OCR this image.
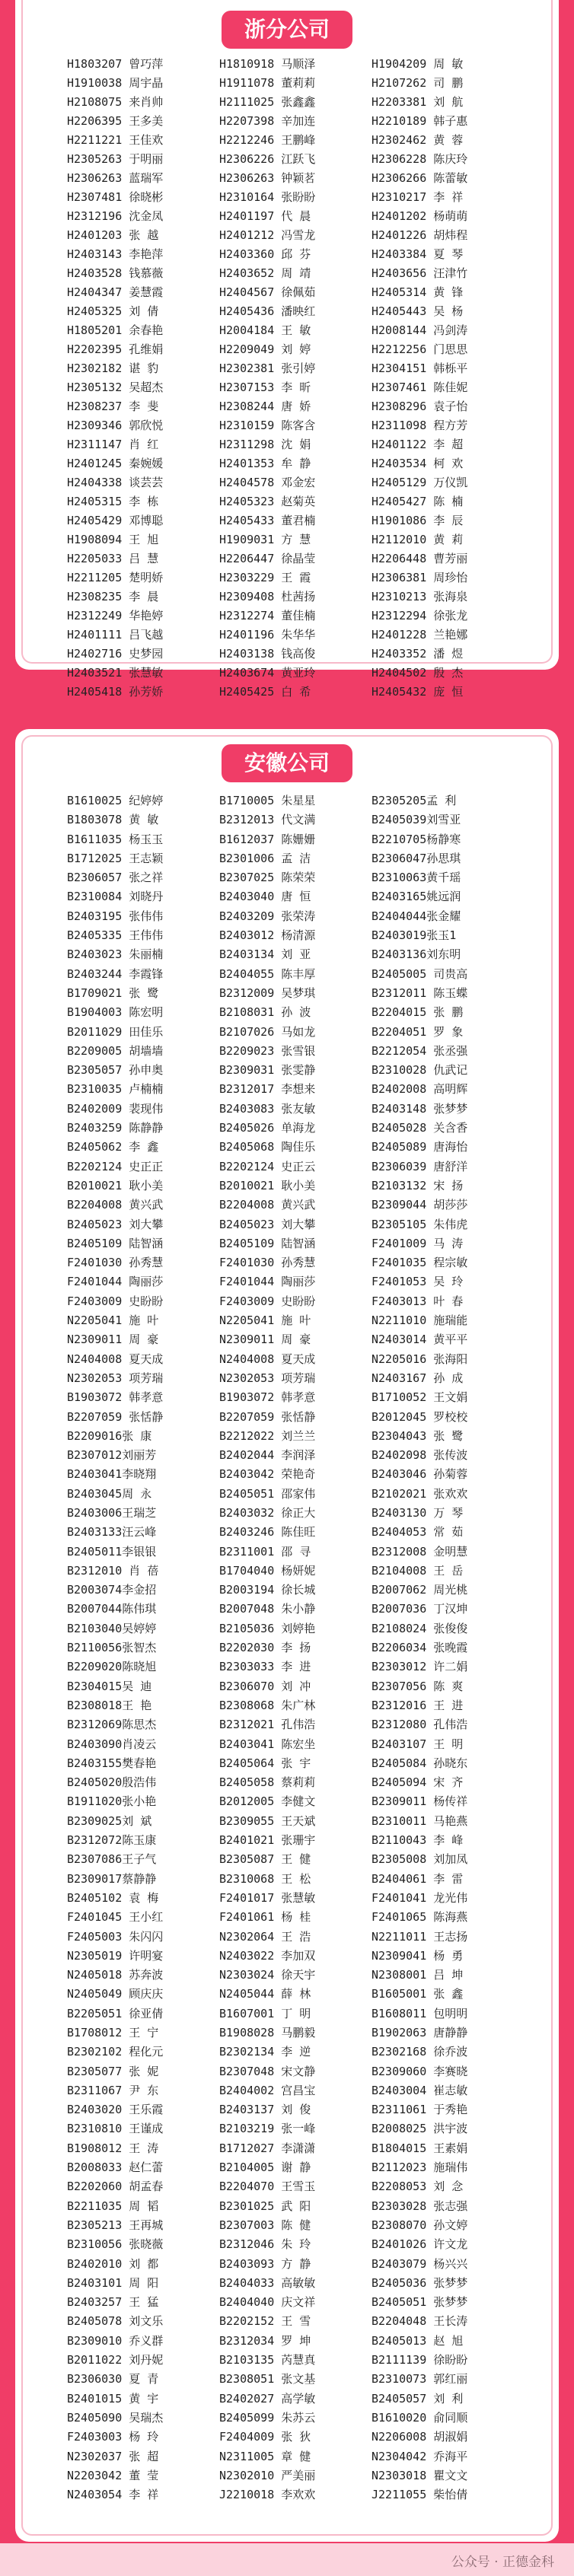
浙分公司
H1803207 曾巧萍	H1810918 马顺泽	H1904209 周 敏
H1910038 周宇晶	H1911078 董莉莉	H2107262 司 鹏
H2108075 来肖帅	H2111025 张鑫鑫	H2203381 刘 航
H2206395 王多美	H2207398 辛加连	H2210189 韩子惠
H2211221 王佳欢	H2212246 王鹏峰	H2302462 黄 蓉
H2305263 于明丽	H2306226 江跃飞	H2306228 陈庆玲
H2306263 蓝瑞军	H2306263 钟颖茗	H2306266 陈蕾敏
H2307481 徐晓彬	H2310164 张盼盼	H2310217 李 祥
H2312196 沈金凤	H2401197 代 晨	H2401202 杨萌萌
H2401203 张 越	H2401212 冯雪龙	H2401226 胡炜程
H2403143 李艳萍	H2403360 邱 芬	H2403384 夏 琴
H2403528 钱慕薇	H2403652 周 靖	H2403656 汪津竹
H2404347 姜慧霞	H2404567 徐佩茹	H2405314 黄 锋
H2405325 刘 倩	H2405436 潘映红	H2405443 吴 杨
H1805201 余春艳	H2004184 王 敏	H2008144 冯剑涛
H2202395 孔维娟	H2209049 刘 婷	H2212256 门思思
H2302182 谌 豹	H2302381 张引婷	H2304151 韩栎平
H2305132 吴超杰	H2307153 李 昕	H2307461 陈佳妮
H2308237 李 斐	H2308244 唐 娇	H2308296 袁子怡
H2309346 郭欣悦	H2310159 陈客含	H2311098 程方芳
H2311147 肖 红	H2311298 沈 娟	H2401122 李 超
H2401245 秦婉媛	H2401353 牟 静	H2403534 柯 欢
H2404338 谈芸芸	H2404578 邓金宏	H2405129 万仪凯
H2405315 李 栋	H2405323 赵菊英	H2405427 陈 楠
H2405429 邓博聪	H2405433 董君楠	H1901086 李 辰
H1908094 王 旭	H1909031 方 慧	H2112010 黄 莉
H2205033 吕 慧	H2206447 徐晶莹	H2206448 曹芳丽
H2211205 楚明娇	H2303229 王 霞	H2306381 周珍怡
H2308235 李 晨	H2309408 杜茜扬	H2310213 张海泉
H2312249 华艳婷	H2312274 董佳楠	H2312294 徐张龙
H2401111 吕飞越	H2401196 朱华华	H2401228 兰艳娜
H2402716 史梦园	H2403138 钱高俊	H2403352 潘 煜
H2403521 张慧敏	H2403674 黄亚玲	H2404502 殷 杰
H2405418 孙芳娇	H2405425 白 希	H2405432 庞 恒
安徽公司
B1610025 纪婷婷	B1710005 朱星星	B2305205孟 利
B1803078 黄 敏	B2312013 代文满	B2405039刘雪亚
B1611035 杨玉玉	B1612037 陈姗姗	B2210705杨静寒
B1712025 王志颖	B2301006 孟 洁	B2306047孙思琪
B2306057 张之祥	B2307025 陈荣荣	B2310063黄千瑶
B2310084 刘晓丹	B2403040 唐 恒	B2403165姚远润
B2403195 张伟伟	B2403209 张荣涛	B2404044张金耀
B2405335 王伟伟	B2403012 杨清源	B2403019张玉1
B2403023 朱丽楠	B2403134 刘 亚	B2403136刘东明
B2403244 李霞锋	B2404055 陈丰厚	B2405005 司贵高
B1709021 张 鹭	B2312009 吴梦琪	B2312011 陈玉蝶
B1904003 陈宏明	B2108031 孙 波	B2204015 张 鹏
B2011029 田佳乐	B2107026 马如龙	B2204051 罗 象
B2209005 胡墙墙	B2209023 张雪银	B2212054 张丞强
B2305057 孙申奥	B2309031 张雯静	B2310028 仇武记
B2310035 卢楠楠	B2312017 李想来	B2402008 高明辉
B2402009 裴现伟	B2403083 张友敏	B2403148 张梦梦
B2403259 陈静静	B2405026 单海龙	B2405028 关含香
B2405062 李 鑫	B2405068 陶佳乐	B2405089 唐海怡
B2202124 史正正	B2202124 史正云	B2306039 唐舒洋
B2010021 耿小美	B2010021 耿小美	B2103132 宋 扬
B2204008 黄兴武	B2204008 黄兴武	B2309044 胡莎莎
B2405023 刘大攀	B2405023 刘大攀	B2305105 朱伟虎
B2405109 陆智涵	B2405109 陆智涵	F2401009 马 涛
F2401030 孙秀慧	F2401030 孙秀慧	F2401035 程宗敏
F2401044 陶丽莎	F2401044 陶丽莎	F2401053 吴 玲
F2403009 史盼盼	F2403009 史盼盼	F2403013 叶 春
N2205041 施 叶	N2205041 施 叶	N2211010 施瑞能
N2309011 周 豪	N2309011 周 豪	N2403014 黄平平
N2404008 夏天成	N2404008 夏天成	N2205016 张海阳
N2302053 项芳瑞	N2302053 项芳瑞	N2403167 孙 成
B1903072 韩孝意	B1903072 韩孝意	B1710052 王文娟
B2207059 张恬静	B2207059 张恬静	B2012045 罗校校
B2209016张 康	B2212022 刘兰兰	B2304043 张 鹭
B2307012刘丽芳	B2402044 李润泽	B2402098 张传波
B2403041李晓翔	B2403042 荣艳奇	B2403046 孙菊蓉
B2403045周 永	B2405051 邵家伟	B2102021 张欢欢
B2403006王瑞芝	B2403032 徐正大	B2403130 万 琴
B2403133汪云峰	B2403246 陈佳旺	B2404053 常 茹
B2405011李银银	B2311001 邵 寻	B2312008 金明慧
B2312010 肖 蓓	B1704040 杨妍妮	B2104008 王 岳
B2003074李金招	B2003194 徐长城	B2007062 周光桃
B2007044陈伟琪	B2007048 朱小静	B2007036 丁汉坤
B2103040吴婷婷	B2105036 刘婷艳	B2108024 张俊俊
B2110056张智杰	B2202030 李 扬	B2206034 张晚霞
B2209020陈晓旭	B2303033 李 进	B2303012 许二娟
B2304015吴 迪	B2306070 刘 冲	B2307056 陈 爽
B2308018王 艳	B2308068 朱广林	B2312016 王 进
B2312069陈思杰	B2312021 孔伟浩	B2312080 孔伟浩
B2403090肖凌云	B2403041 陈宏坐	B2403107 王 明
B2403155樊春艳	B2405064 张 宇	B2405084 孙晓东
B2405020殷浩伟	B2405058 蔡莉莉	B2405094 宋 齐
B1911020张小艳	B2012005 李健文	B2309011 杨传祥
B2309025刘 斌	B2309055 王天斌	B2310011 马艳燕
B2312072陈玉康	B2401021 张珊宇	B2110043 李 峰
B2307086王子气	B2305087 王 健	B2305008 刘加凤
B2309017蔡静静	B2310068 王 松	B2404061 李 雷
B2405102 袁 梅	F2401017 张慧敏	F2401041 龙光伟
F2401045 王小红	F2401061 杨 桂	F2401065 陈海燕
F2405003 朱闪闪	N2302064 王 浩	N2211011 王志扬
N2305019 许明宴	N2403022 李加双	N2309041 杨 勇
N2405018 苏奔波	N2303024 徐天宇	N2308001 吕 坤
N2405049 顾庆庆	N2405044 薛 林	B1605001 张 鑫
B2205051 徐亚倩	B1607001 丁 明	B1608011 包明明
B1708012 王 宁	B1908028 马鹏毅	B1902063 唐静静
B2302102 程化元	B2302134 李 逆	B2302168 徐乔波
B2305077 张 妮	B2307048 宋文静	B2309060 李赛晓
B2311067 尹 东	B2404002 宫昌宝	B2403004 崔志敏
B2403020 王乐霞	B2403137 刘 俊	B2311061 于秀艳
B2310810 王谨成	B2103219 张一峰	B2008025 洪宇波
B1908012 王 涛	B1712027 李潇潇	B1804015 王素娟
B2008033 赵仁蕾	B2104005 谢 静	B2112023 施瑞伟
B2202060 胡孟春	B2204070 王雪玉	B2208053 刘 念
B2211035 周 韬	B2301025 武 阳	B2303028 张志强
B2305213 王再城	B2307003 陈 健	B2308070 孙文婷
B2310056 张晓薇	B2312046 朱 玲	B2401026 许文龙
B2402010 刘 都	B2403093 方 静	B2403079 杨兴兴
B2403101 周 阳	B2404033 高敏敏	B2405036 张梦梦
B2403257 王 猛	B2404040 庆文祥	B2405051 张梦梦
B2405078 刘文乐	B2202152 王 雪	B2204048 王长涛
B2309010 乔义群	B2312034 罗 坤	B2405013 赵 旭
B2011022 刘丹妮	B2103135 芮慧真	B2111139 徐盼盼
B2306030 夏 青	B2308051 张文基	B2310073 郭红丽
B2401015 黄 宇	B2402027 高学敏	B2405057 刘 利
B2405090 吴瑞杰	B2405099 朱苏云	B1610020 俞同顺
F2403003 杨 玲	F2404009 张 狄	N2206008 胡淑娟
N2302037 张 超	N2311005 章 健	N2304042 乔海平
N2203042 董 莹	N2302010 严美丽	N2303018 瞿文文
N2403054 李 祥	J2210018 李欢欢	J2211055 柴怡倩
公众号 · 正德金科
